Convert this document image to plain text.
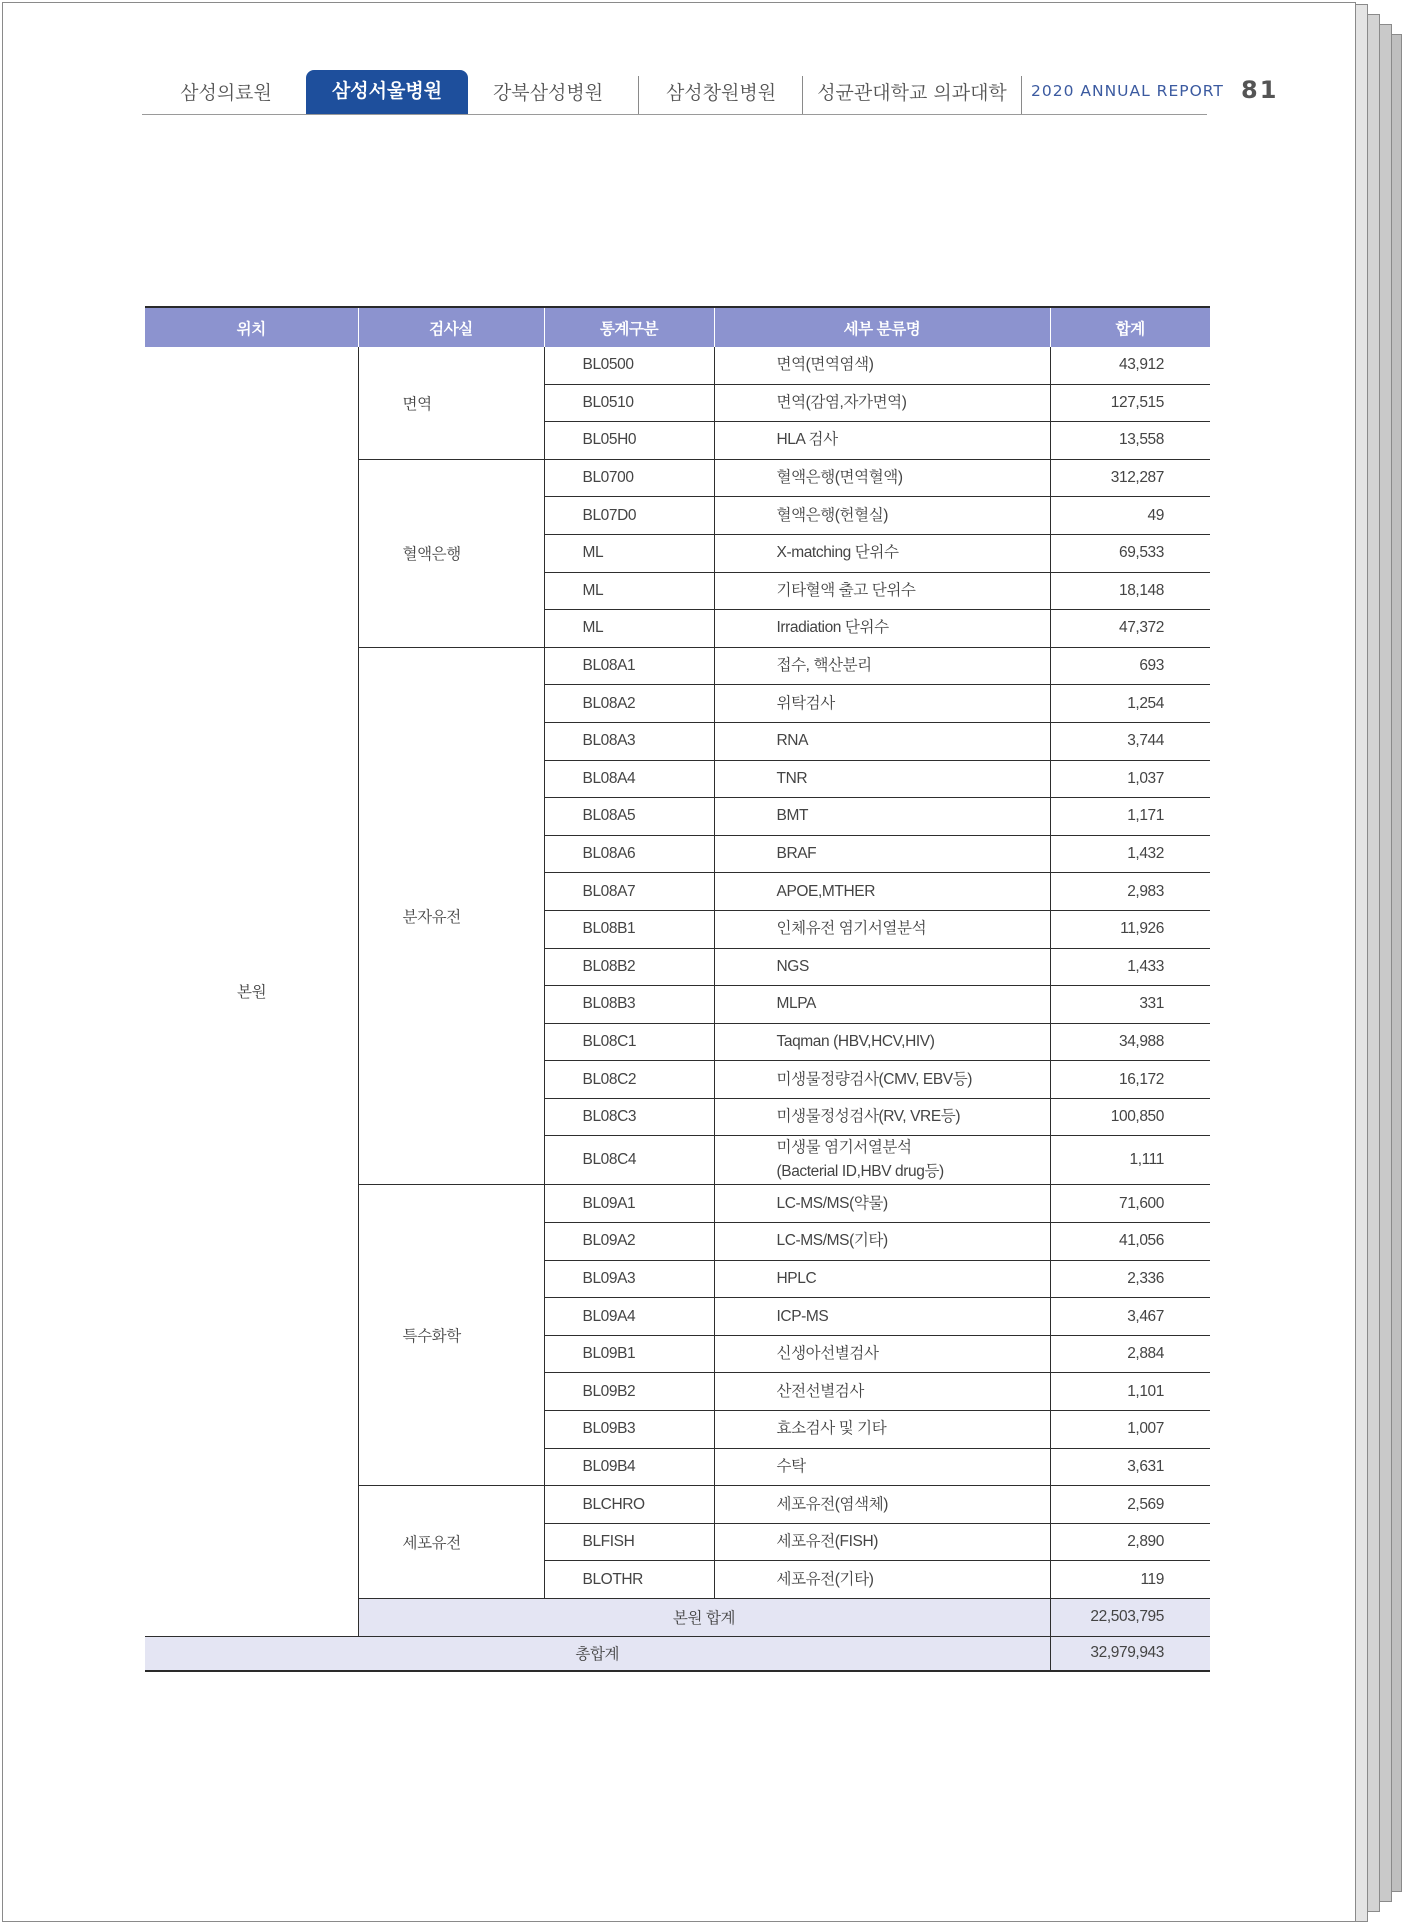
삼성의료원	삼성서울병원	강북삼성병원	삼성창원병원	성균관대학교 의과대학	2020 ANNUAL REPORT 81
위치	검사실	통계구분	세부 분류명	합계
본원	면역	BL0500	면역(면역염색)	43,912
		BL0510	면역(감염,자가면역)	127,515
		BL05H0	HLA 검사	13,558
	혈액은행	BL0700	혈액은행(면역혈액)	312,287
		BL07D0	혈액은행(헌혈실)	49
		ML	X-matching 단위수	69,533
		ML	기타혈액 출고 단위수	18,148
		ML	Irradiation 단위수	47,372
	분자유전	BL08A1	접수, 핵산분리	693
		BL08A2	위탁검사	1,254
		BL08A3	RNA	3,744
		BL08A4	TNR	1,037
		BL08A5	BMT	1,171
		BL08A6	BRAF	1,432
		BL08A7	APOE,MTHER	2,983
		BL08B1	인체유전 염기서열분석	11,926
		BL08B2	NGS	1,433
		BL08B3	MLPA	331
		BL08C1	Taqman (HBV,HCV,HIV)	34,988
		BL08C2	미생물정량검사(CMV, EBV등)	16,172
		BL08C3	미생물정성검사(RV, VRE등)	100,850
		BL08C4	미생물 염기서열분석
(Bacterial ID,HBV drug등)	1,111
	특수화학	BL09A1	LC-MS/MS(약물)	71,600
		BL09A2	LC-MS/MS(기타)	41,056
		BL09A3	HPLC	2,336
		BL09A4	ICP-MS	3,467
		BL09B1	신생아선별검사	2,884
		BL09B2	산전선별검사	1,101
		BL09B3	효소검사 및 기타	1,007
		BL09B4	수탁	3,631
	세포유전	BLCHRO	세포유전(염색체)	2,569
		BLFISH	세포유전(FISH)	2,890
		BLOTHR	세포유전(기타)	119
	본원 합계			22,503,795
총합계				32,979,943
